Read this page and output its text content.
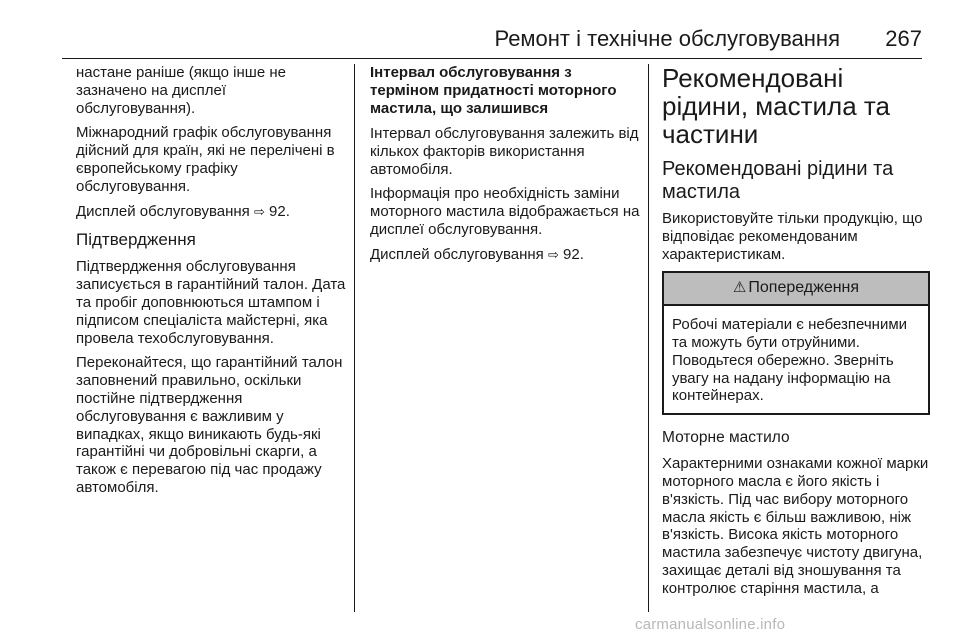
Ремонт і технічне обслуговування 267

настане раніше (якщо інше не зазначено на дисплеї обслуговування).

Міжнародний графік обслуговування дійсний для країн, які не перелічені в європейському графіку обслуговування.

Дисплей обслуговування ⇨ 92.

Підтвердження

Підтвердження обслуговування записується в гарантійний талон. Дата та пробіг доповнюються штампом і підписом спеціаліста майстерні, яка провела техобслуговування.

Переконайтеся, що гарантійний талон заповнений правильно, оскільки постійне підтвердження обслуговування є важливим у випадках, якщо виникають будь-які гарантійні чи добровільні скарги, а також є перевагою під час продажу автомобіля.

Інтервал обслуговування з терміном придатності моторного мастила, що залишився

Інтервал обслуговування залежить від кількох факторів використання автомобіля.

Інформація про необхідність заміни моторного мастила відображається на дисплеї обслуговування.

Дисплей обслуговування ⇨ 92.

Рекомендовані рідини, мастила та частини
Рекомендовані рідини та мастила

Використовуйте тільки продукцію, що відповідає рекомендованим характеристикам.

⚠ Попередження

Робочі матеріали є небезпечними та можуть бути отруйними. Поводьтеся обережно. Зверніть увагу на надану інформацію на контейнерах.

Моторне мастило

Характерними ознаками кожної марки моторного масла є його якість і в'язкість. Під час вибору моторного масла якість є більш важливою, ніж в'язкість. Висока якість моторного мастила забезпечує чистоту двигуна, захищає деталі від зношування та контролює старіння мастила, а

carmanualsonline.info
